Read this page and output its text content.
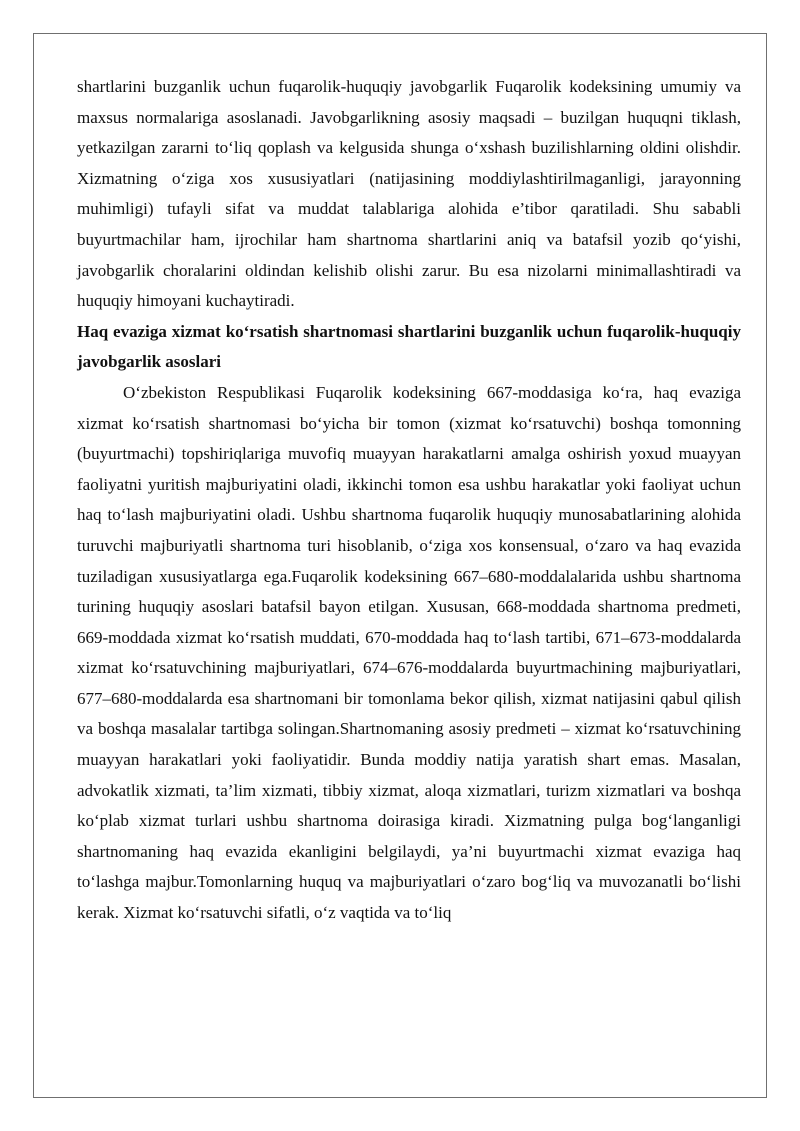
shartlarini buzganlik uchun fuqarolik-huquqiy javobgarlik Fuqarolik kodeksining umumiy va maxsus normalariga asoslanadi. Javobgarlikning asosiy maqsadi – buzilgan huquqni tiklash, yetkazilgan zararni to‘liq qoplash va kelgusida shunga o‘xshash buzilishlarning oldini olishdir. Xizmatning o‘ziga xos xususiyatlari (natijasining moddiylashtirilmaganligi, jarayonning muhimligi) tufayli sifat va muddat talablariga alohida e’tibor qaratiladi. Shu sababli buyurtmachilar ham, ijrochilar ham shartnoma shartlarini aniq va batafsil yozib qo‘yishi, javobgarlik choralarini oldindan kelishib olishi zarur. Bu esa nizolarni minimallashtiradi va huquqiy himoyani kuchaytiradi.

Haq evaziga xizmat ko‘rsatish shartnomasi shartlarini buzganlik uchun fuqarolik-huquqiy javobgarlik asoslari

O‘zbekiston Respublikasi Fuqarolik kodeksining 667-moddasiga ko‘ra, haq evaziga xizmat ko‘rsatish shartnomasi bo‘yicha bir tomon (xizmat ko‘rsatuvchi) boshqa tomonning (buyurtmachi) topshiriqlariga muvofiq muayyan harakatlarni amalga oshirish yoxud muayyan faoliyatni yuritish majburiyatini oladi, ikkinchi tomon esa ushbu harakatlar yoki faoliyat uchun haq to‘lash majburiyatini oladi. Ushbu shartnoma fuqarolik huquqiy munosabatlarining alohida turuvchi majburiyatli shartnoma turi hisoblanib, o‘ziga xos konsensual, o‘zaro va haq evazida tuziladigan xususiyatlarga ega.Fuqarolik kodeksining 667–680-moddalalarida ushbu shartnoma turining huquqiy asoslari batafsil bayon etilgan. Xususan, 668-moddada shartnoma predmeti, 669-moddada xizmat ko‘rsatish muddati, 670-moddada haq to‘lash tartibi, 671–673-moddalarda xizmat ko‘rsatuvchining majburiyatlari, 674–676-moddalarda buyurtmachining majburiyatlari, 677–680-moddalarda esa shartnomani bir tomonlama bekor qilish, xizmat natijasini qabul qilish va boshqa masalalar tartibga solingan.Shartnomaning asosiy predmeti – xizmat ko‘rsatuvchining muayyan harakatlari yoki faoliyatidir. Bunda moddiy natija yaratish shart emas. Masalan, advokatlik xizmati, ta’lim xizmati, tibbiy xizmat, aloqa xizmatlari, turizm xizmatlari va boshqa ko‘plab xizmat turlari ushbu shartnoma doirasiga kiradi. Xizmatning pulga bog‘langanligi shartnomaning haq evazida ekanligini belgilaydi, ya’ni buyurtmachi xizmat evaziga haq to‘lashga majbur.Tomonlarning huquq va majburiyatlari o‘zaro bog‘liq va muvozanatli bo‘lishi kerak. Xizmat ko‘rsatuvchi sifatli, o‘z vaqtida va to‘liq
